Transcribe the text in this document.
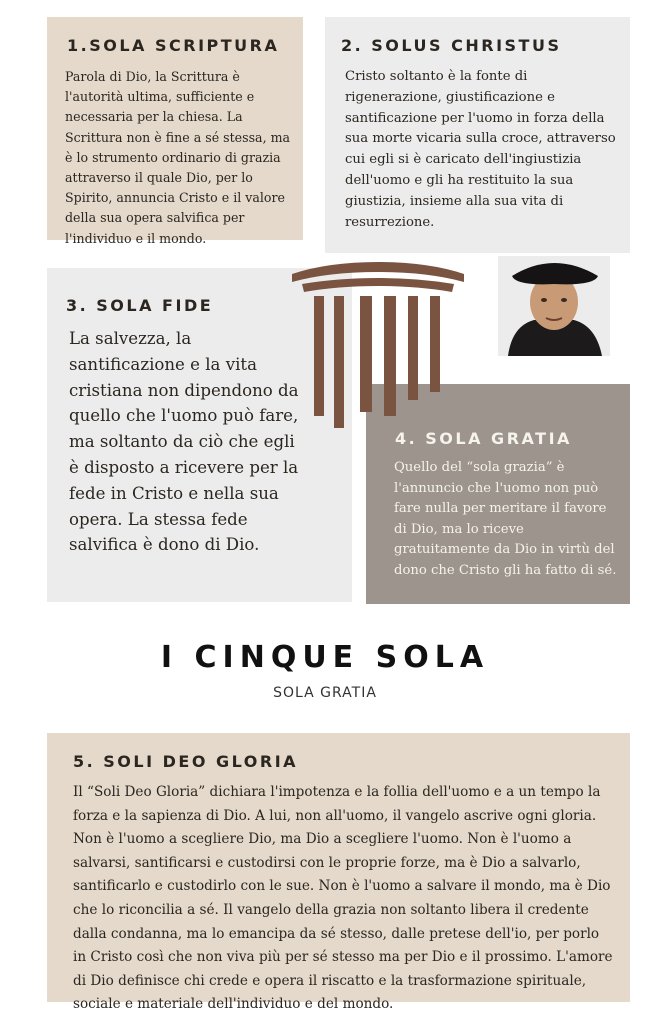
1.SOLA SCRIPTURA

Parola di Dio, la Scrittura è l'autorità ultima, sufficiente e necessaria per la chiesa. La Scrittura non è fine a sé stessa, ma è lo strumento ordinario di grazia attraverso il quale Dio, per lo Spirito, annuncia Cristo e il valore della sua opera salvifica per l'individuo e il mondo.

2. SOLUS CHRISTUS

Cristo soltanto è la fonte di rigenerazione, giustificazione e santificazione per l'uomo in forza della sua morte vicaria sulla croce, attraverso cui egli si è caricato dell'ingiustizia dell'uomo e gli ha restituito la sua giustizia, insieme alla sua vita di resurrezione.

3. SOLA FIDE

La salvezza, la santificazione e la vita cristiana non dipendono da quello che l'uomo può fare, ma soltanto da ciò che egli è disposto a ricevere per la fede in Cristo e nella sua opera. La stessa fede salvifica è dono di Dio.

4. SOLA GRATIA

Quello del “sola grazia” è l'annuncio che l'uomo non può fare nulla per meritare il favore di Dio, ma lo riceve gratuitamente da Dio in virtù del dono che Cristo gli ha fatto di sé.

I CINQUE SOLA

SOLA GRATIA

5. SOLI DEO GLORIA

Il “Soli Deo Gloria” dichiara l'impotenza e la follia dell'uomo e a un tempo la forza e la sapienza di Dio. A lui, non all'uomo, il vangelo ascrive ogni gloria. Non è l'uomo a scegliere Dio, ma Dio a scegliere l'uomo. Non è l'uomo a salvarsi, santificarsi e custodirsi con le proprie forze, ma è Dio a salvarlo, santificarlo e custodirlo con le sue. Non è l'uomo a salvare il mondo, ma è Dio che lo riconcilia a sé. Il vangelo della grazia non soltanto libera il credente dalla condanna, ma lo emancipa da sé stesso, dalle pretese dell'io, per porlo in Cristo così che non viva più per sé stesso ma per Dio e il prossimo. L'amore di Dio definisce chi crede e opera il riscatto e la trasformazione spirituale, sociale e materiale dell'individuo e del mondo.
